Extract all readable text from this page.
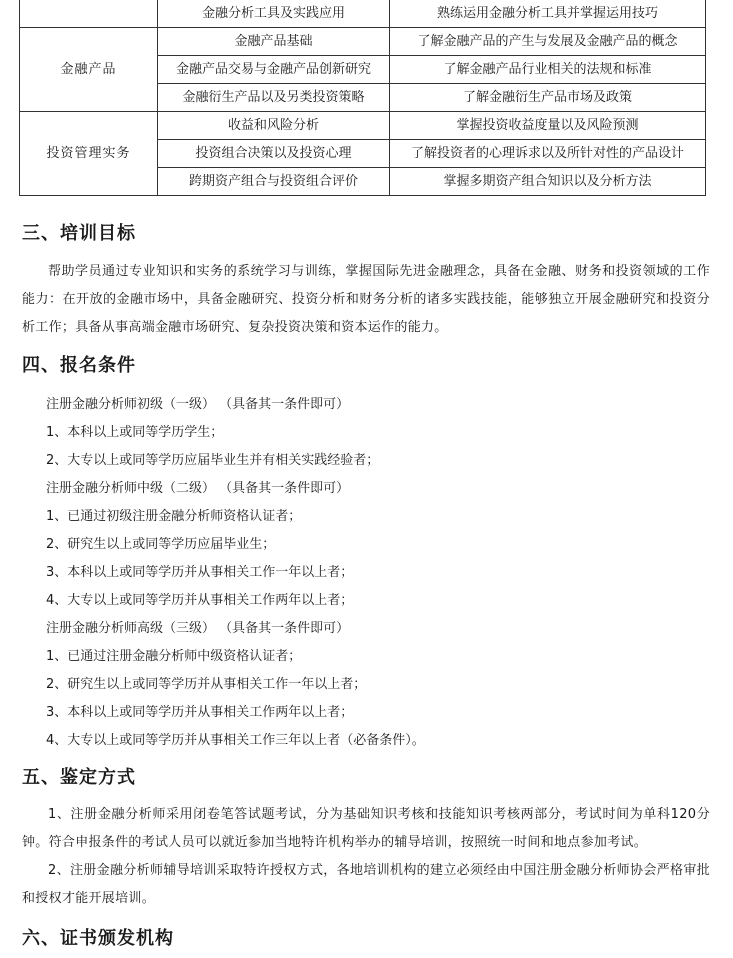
	金融分析工具及实践应用	熟练运用金融分析工具并掌握运用技巧
金融产品	金融产品基础	了解金融产品的产生与发展及金融产品的概念
	金融产品交易与金融产品创新研究	了解金融产品行业相关的法规和标准
	金融衍生产品以及另类投资策略	了解金融衍生产品市场及政策
投资管理实务	收益和风险分析	掌握投资收益度量以及风险预测
	投资组合决策以及投资心理	了解投资者的心理诉求以及所针对性的产品设计
	跨期资产组合与投资组合评价	掌握多期资产组合知识以及分析方法
三、培训目标

帮助学员通过专业知识和实务的系统学习与训练，掌握国际先进金融理念，具备在金融、财务和投资领域的工作能力：在开放的金融市场中，具备金融研究、投资分析和财务分析的诸多实践技能，能够独立开展金融研究和投资分析工作；具备从事高端金融市场研究、复杂投资决策和资本运作的能力。

四、报名条件
注册金融分析师初级（一级） （具备其一条件即可）
1、本科以上或同等学历学生；
2、大专以上或同等学历应届毕业生并有相关实践经验者；
注册金融分析师中级（二级） （具备其一条件即可）
1、已通过初级注册金融分析师资格认证者；
2、研究生以上或同等学历应届毕业生；
3、本科以上或同等学历并从事相关工作一年以上者；
4、大专以上或同等学历并从事相关工作两年以上者；
注册金融分析师高级（三级） （具备其一条件即可）
1、已通过注册金融分析师中级资格认证者；
2、研究生以上或同等学历并从事相关工作一年以上者；
3、本科以上或同等学历并从事相关工作两年以上者；
4、大专以上或同等学历并从事相关工作三年以上者（必备条件）。
五、鉴定方式

1、注册金融分析师采用闭卷笔答试题考试，分为基础知识考核和技能知识考核两部分，考试时间为单科120分钟。符合申报条件的考试人员可以就近参加当地特许机构举办的辅导培训，按照统一时间和地点参加考试。

2、注册金融分析师辅导培训采取特许授权方式，各地培训机构的建立必须经由中国注册金融分析师协会严格审批和授权才能开展培训。

六、证书颁发机构
